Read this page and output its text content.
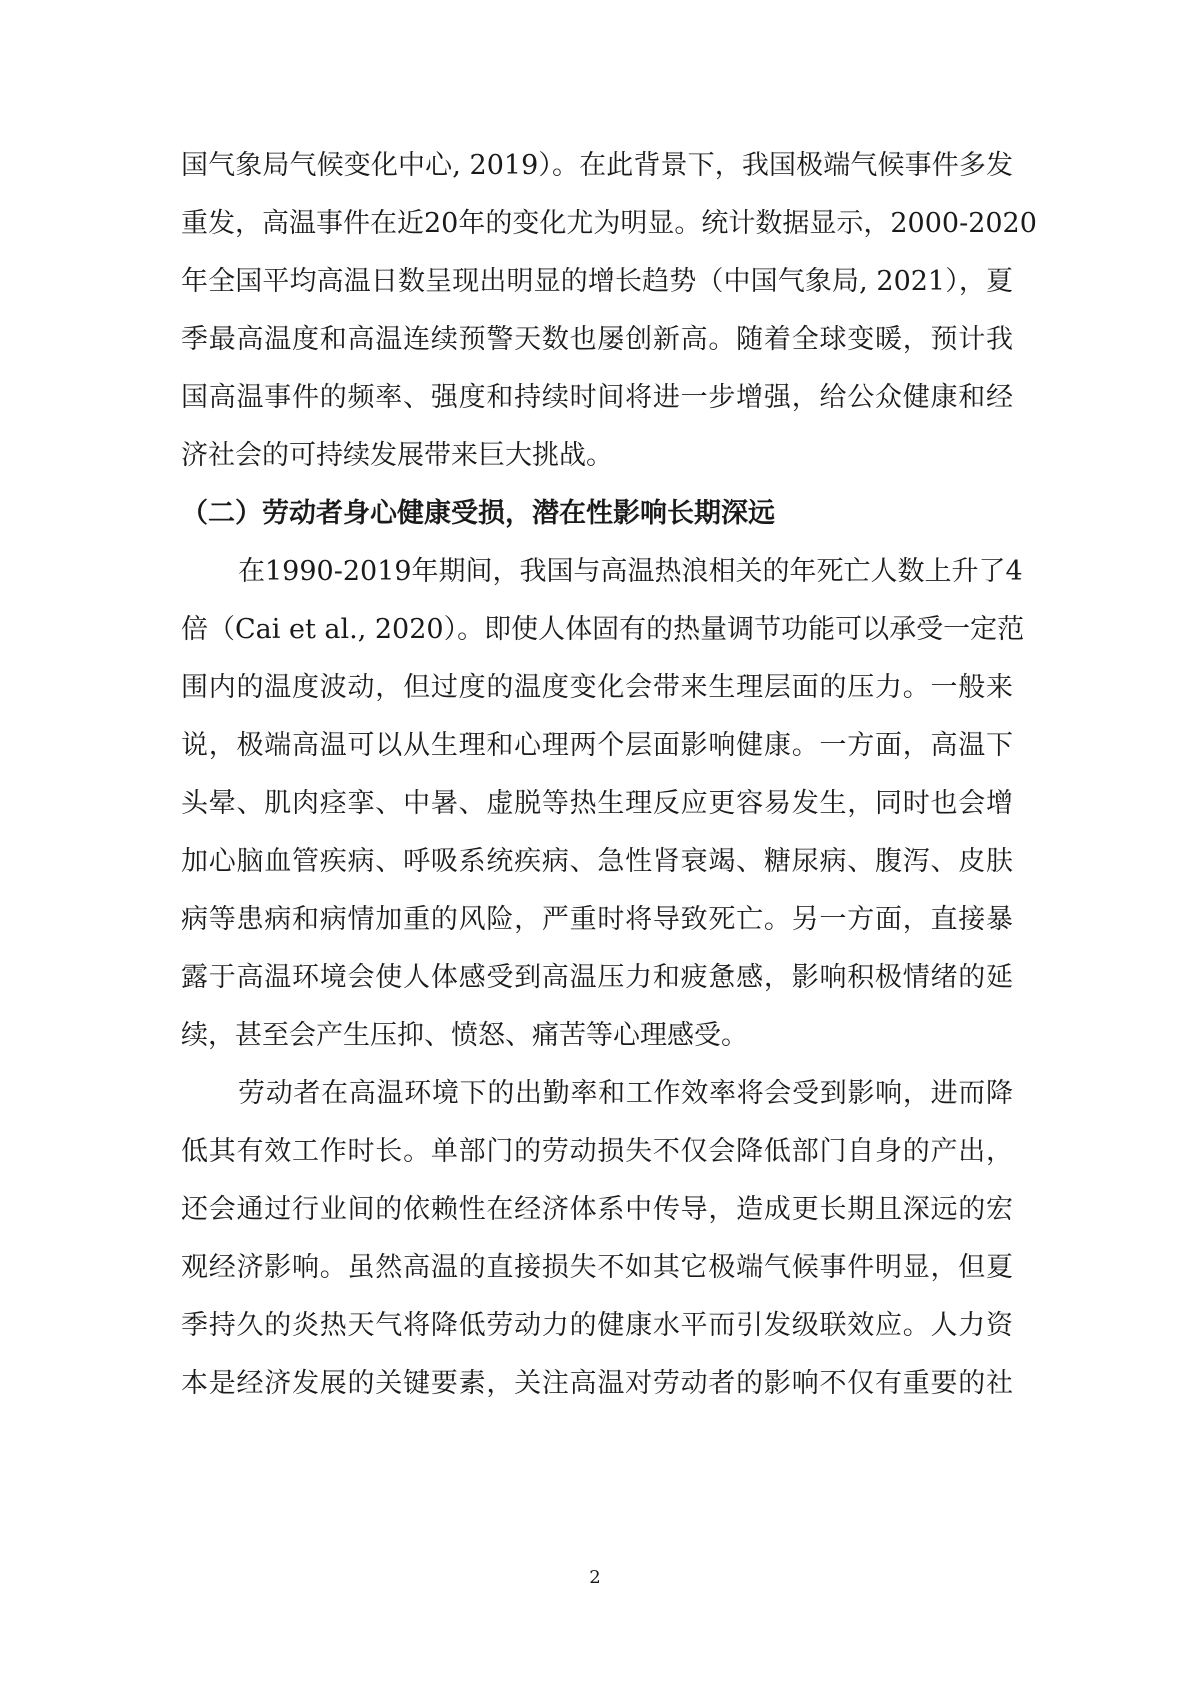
国气象局气候变化中心, 2019）。在此背景下，我国极端气候事件多发
重发，高温事件在近20年的变化尤为明显。统计数据显示，2000-2020
年全国平均高温日数呈现出明显的增长趋势（中国气象局, 2021），夏
季最高温度和高温连续预警天数也屡创新高。随着全球变暖，预计我
国高温事件的频率、强度和持续时间将进一步增强，给公众健康和经
济社会的可持续发展带来巨大挑战。
（二）劳动者身心健康受损，潜在性影响长期深远
在1990-2019年期间，我国与高温热浪相关的年死亡人数上升了4
倍（Cai et al., 2020）。即使人体固有的热量调节功能可以承受一定范
围内的温度波动，但过度的温度变化会带来生理层面的压力。一般来
说，极端高温可以从生理和心理两个层面影响健康。一方面，高温下
头晕、肌肉痉挛、中暑、虚脱等热生理反应更容易发生，同时也会增
加心脑血管疾病、呼吸系统疾病、急性肾衰竭、糖尿病、腹泻、皮肤
病等患病和病情加重的风险，严重时将导致死亡。另一方面，直接暴
露于高温环境会使人体感受到高温压力和疲惫感，影响积极情绪的延
续，甚至会产生压抑、愤怒、痛苦等心理感受。
劳动者在高温环境下的出勤率和工作效率将会受到影响，进而降
低其有效工作时长。单部门的劳动损失不仅会降低部门自身的产出，
还会通过行业间的依赖性在经济体系中传导，造成更长期且深远的宏
观经济影响。虽然高温的直接损失不如其它极端气候事件明显，但夏
季持久的炎热天气将降低劳动力的健康水平而引发级联效应。人力资
本是经济发展的关键要素，关注高温对劳动者的影响不仅有重要的社
2
